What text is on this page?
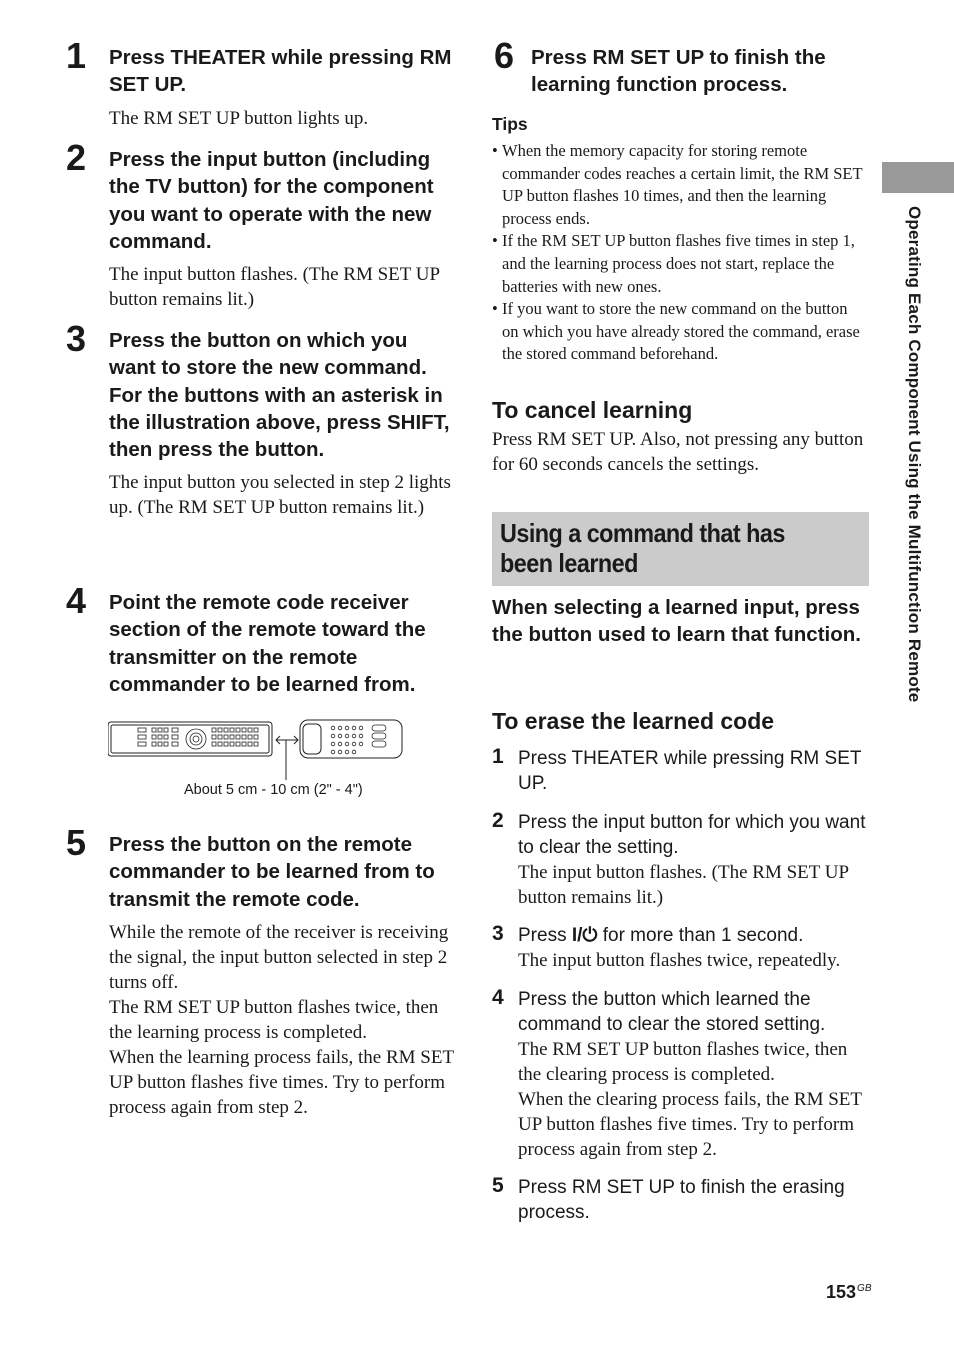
1 Press THEATER while pressing RM SET UP.
The RM SET UP button lights up.
2 Press the input button (including the TV button) for the component you want to operate with the new command.
The input button flashes. (The RM SET UP button remains lit.)
3 Press the button on which you want to store the new command. For the buttons with an asterisk in the illustration above, press SHIFT, then press the button.
The input button you selected in step 2 lights up. (The RM SET UP button remains lit.)
4 Point the remote code receiver section of the remote toward the transmitter on the remote commander to be learned from.
5 Press the button on the remote commander to be learned from to transmit the remote code.
While the remote of the receiver is receiving the signal, the input button selected in step 2 turns off.
The RM SET UP button flashes twice, then the learning process is completed.
When the learning process fails, the RM SET UP button flashes five times. Try to perform process again from step 2.
About 5 cm - 10 cm (2" - 4")
6 Press RM SET UP to finish the learning function process.
Tips
• When the memory capacity for storing remote commander codes reaches a certain limit, the RM SET UP button flashes 10 times, and then the learning process ends.
• If the RM SET UP button flashes five times in step 1, and the learning process does not start, replace the batteries with new ones.
• If you want to store the new command on the button on which you have already stored the command, erase the stored command beforehand.
To cancel learning
Press RM SET UP. Also, not pressing any button for 60 seconds cancels the settings.
Using a command that has been learned
When selecting a learned input, press the button used to learn that function.
To erase the learned code
1 Press THEATER while pressing RM SET UP.
2 Press the input button for which you want to clear the setting.
The input button flashes. (The RM SET UP button remains lit.)
3 Press I/⏻ for more than 1 second.
The input button flashes twice, repeatedly.
4 Press the button which learned the command to clear the stored setting.
The RM SET UP button flashes twice, then the clearing process is completed.
When the clearing process fails, the RM SET UP button flashes five times. Try to perform process again from step 2.
5 Press RM SET UP to finish the erasing process.
Operating Each Component Using the Multifunction Remote
$153^{GB}$
